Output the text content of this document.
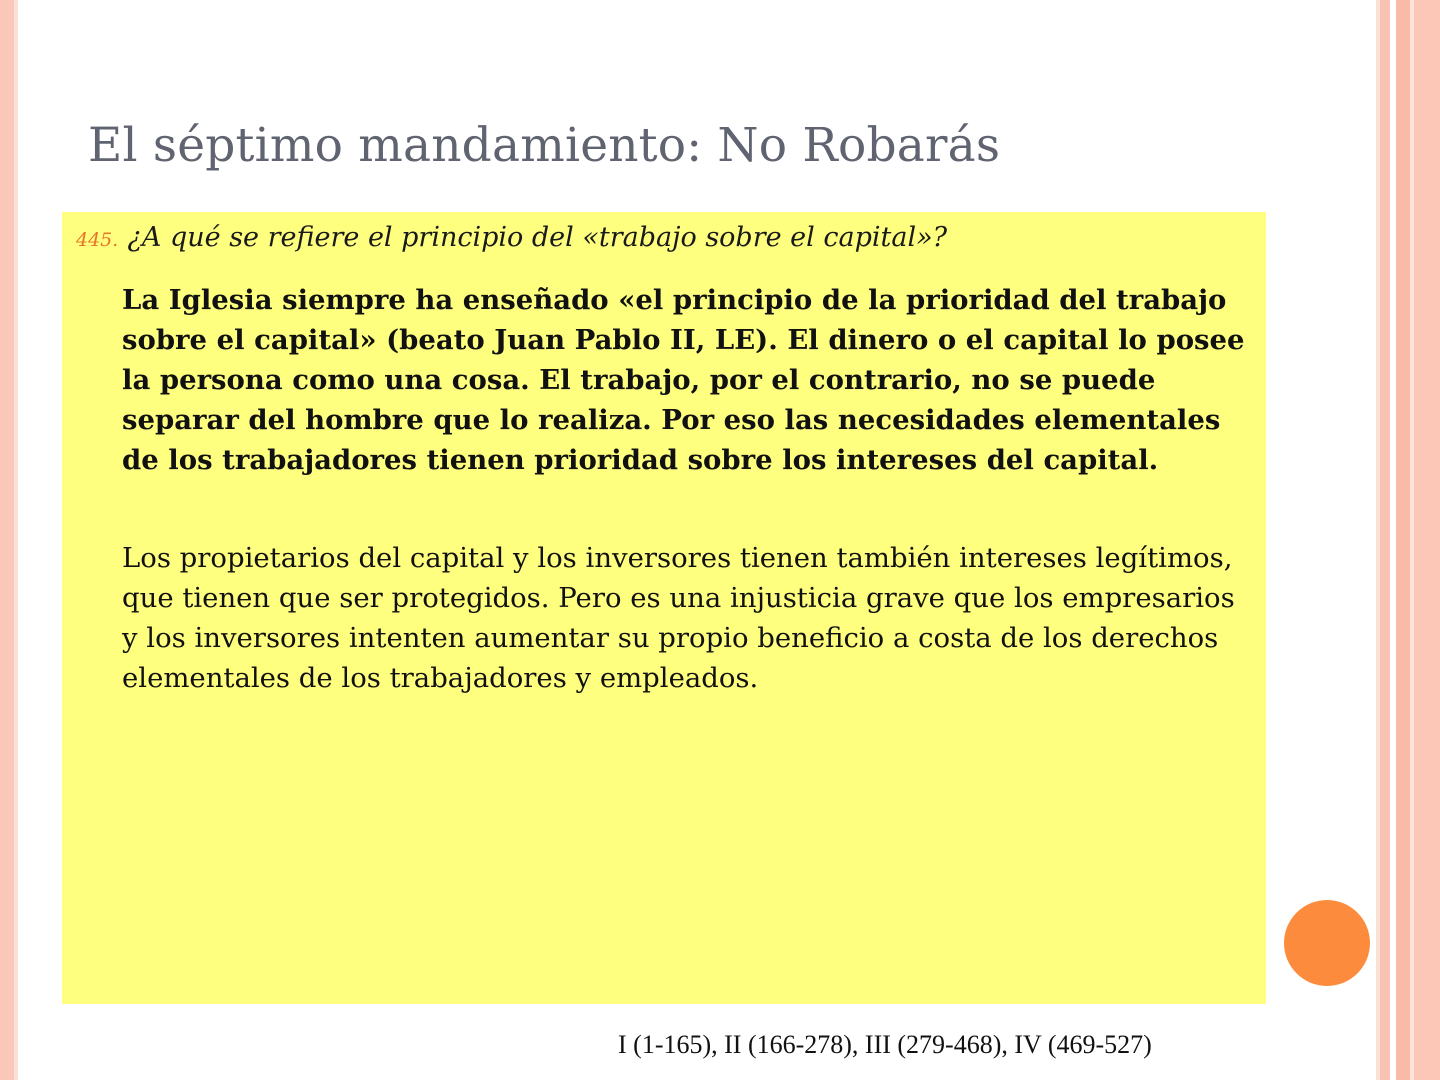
El séptimo mandamiento: No Robarás
445. ¿A qué se refiere el principio del «trabajo sobre el capital»?
La Iglesia siempre ha enseñado «el principio de la prioridad del trabajo sobre el capital» (beato Juan Pablo II, LE). El dinero o el capital lo posee la persona como una cosa. El trabajo, por el contrario, no se puede separar del hombre que lo realiza. Por eso las necesidades elementales de los trabajadores tienen prioridad sobre los intereses del capital.
Los propietarios del capital y los inversores tienen también intereses legítimos, que tienen que ser protegidos. Pero es una injusticia grave que los empresarios y los inversores intenten aumentar su propio beneficio a costa de los derechos elementales de los trabajadores y empleados.
I (1-165), II (166-278), III (279-468), IV (469-527)
